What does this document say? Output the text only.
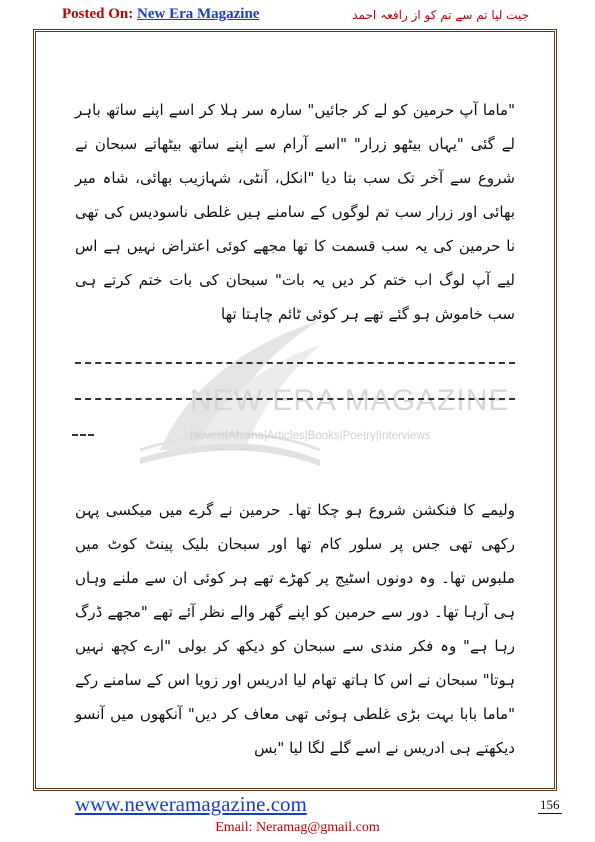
Posted On: New Era Magazine	جیت لیا تم سے تم کو از رافعہ احمد
NEW ERA MAGAZINE
Novels|Afsana|Articles|Books|Poetry|Interviews

"ماما آپ حرمین کو لے کر جائیں" سارہ سر ہلا کر اسے اپنے ساتھ باہر لے گئی "یہاں بیٹھو زرار" "اسے آرام سے اپنے ساتھ بیٹھاتے سبحان نے شروع سے آخر تک سب بتا دیا "انکل، آنٹی، شہازیب بھائی، شاہ میر بھائی اور زرار سب تم لوگوں کے سامنے ہیں غلطی ناسودیس کی تھی نا حرمین کی یہ سب قسمت کا تھا مجھے کوئی اعتراض نہیں ہے اس لیے آپ لوگ اب ختم کر دیں یہ بات" سبحان کی بات ختم کرتے ہی سب خاموش ہو گئے تھے ہر کوئی ٹائم چاہتا تھا

ولیمے کا فنکشن شروع ہو چکا تھا۔ حرمین نے گرے میں میکسی پہن رکھی تھی جس پر سلور کام تھا اور سبحان بلیک پینٹ کوٹ میں ملبوس تھا۔ وہ دونوں اسٹیج پر کھڑے تھے ہر کوئی ان سے ملنے وہاں ہی آرہا تھا۔ دور سے حرمین کو اپنے گھر والے نظر آئے تھے "مجھے ڈرگ رہا ہے" وہ فکر مندی سے سبحان کو دیکھ کر بولی "ارے کچھ نہیں ہوتا" سبحان نے اس کا ہاتھ تھام لیا ادریس اور زویا اس کے سامنے رکے "ماما بابا بہت بڑی غلطی ہوئی تھی معاف کر دیں" آنکھوں میں آنسو دیکھتے ہی ادریس نے اسے گلے لگا لیا "بس

www.neweramagazine.com	156
Email: Neramag@gmail.com
